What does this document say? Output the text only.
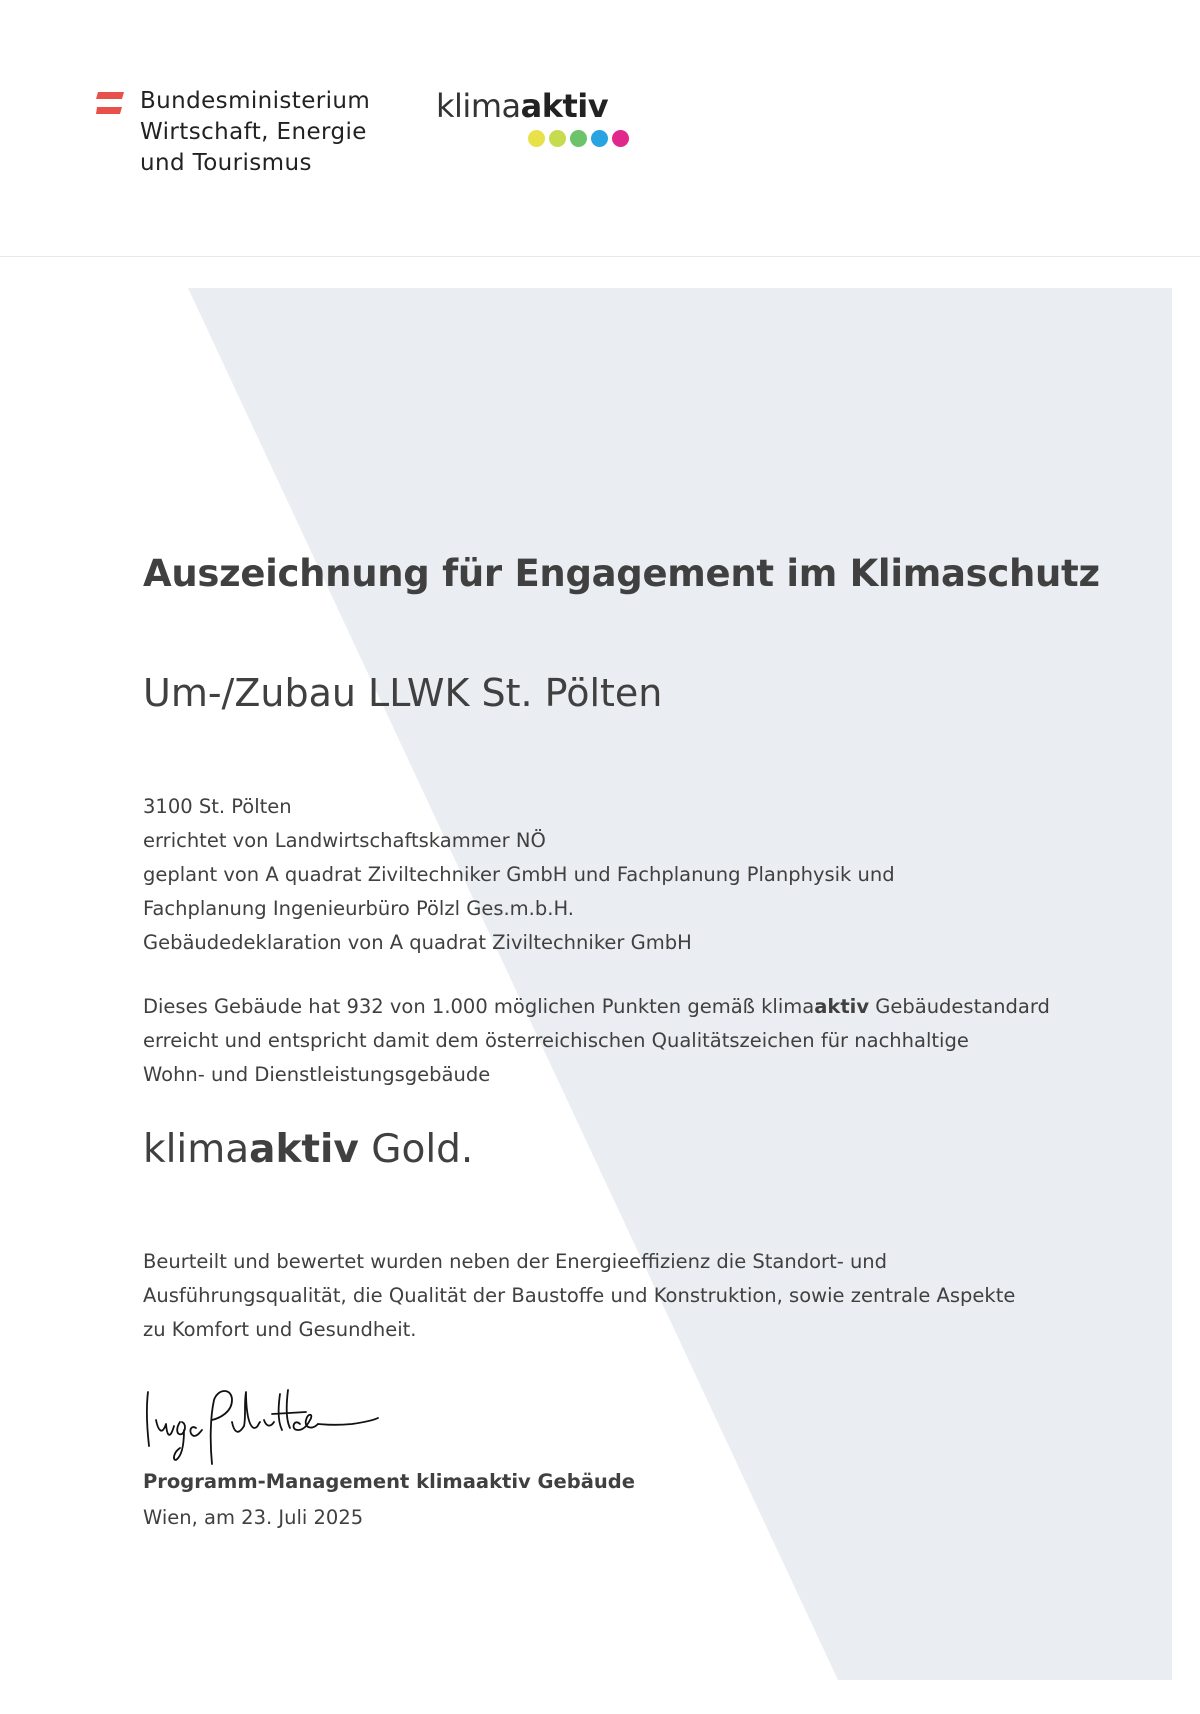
Bundesministerium
Wirtschaft, Energie
und Tourismus
klimaaktiv
Auszeichnung für Engagement im Klimaschutz
Um-/Zubau LLWK St. Pölten
3100 St. Pölten
errichtet von Landwirtschaftskammer NÖ
geplant von A quadrat Ziviltechniker GmbH und Fachplanung Planphysik und
Fachplanung Ingenieurbüro Pölzl Ges.m.b.H.
Gebäudedeklaration von A quadrat Ziviltechniker GmbH
Dieses Gebäude hat 932 von 1.000 möglichen Punkten gemäß klimaaktiv Gebäudestandard
erreicht und entspricht damit dem österreichischen Qualitätszeichen für nachhaltige
Wohn- und Dienstleistungsgebäude
klimaaktiv Gold.
Beurteilt und bewertet wurden neben der Energieeffizienz die Standort- und
Ausführungsqualität, die Qualität der Baustoffe und Konstruktion, sowie zentrale Aspekte
zu Komfort und Gesundheit.
Programm-Management klimaaktiv Gebäude
Wien, am 23. Juli 2025
